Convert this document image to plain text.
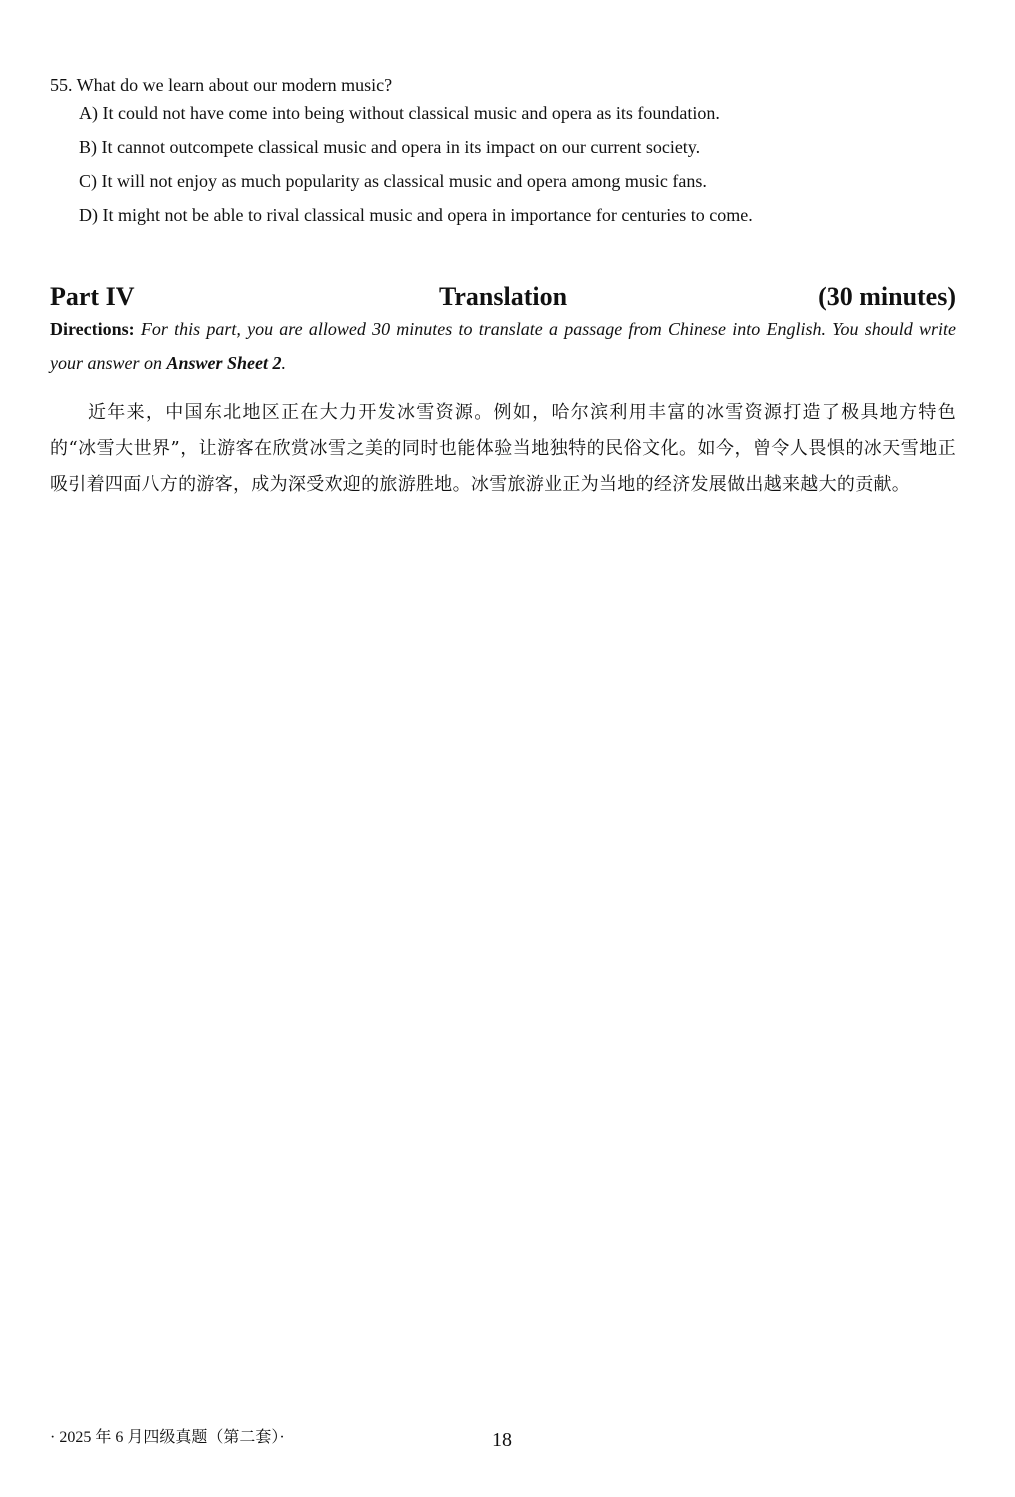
55. What do we learn about our modern music?
A) It could not have come into being without classical music and opera as its foundation.
B) It cannot outcompete classical music and opera in its impact on our current society.
C) It will not enjoy as much popularity as classical music and opera among music fans.
D) It might not be able to rival classical music and opera in importance for centuries to come.
Translation
Part IV	(30 minutes)
Directions: For this part, you are allowed 30 minutes to translate a passage from Chinese into English. You should write your answer on Answer Sheet 2.
近年来，中国东北地区正在大力开发冰雪资源。例如，哈尔滨利用丰富的冰雪资源打造了极具地方特色的“冰雪大世界”，让游客在欣赏冰雪之美的同时也能体验当地独特的民俗文化。如今，曾令人畏惧的冰天雪地正吸引着四面八方的游客，成为深受欢迎的旅游胜地。冰雪旅游业正为当地的经济发展做出越来越大的贡献。
· 2025 年 6 月四级真题（第二套）·	18
